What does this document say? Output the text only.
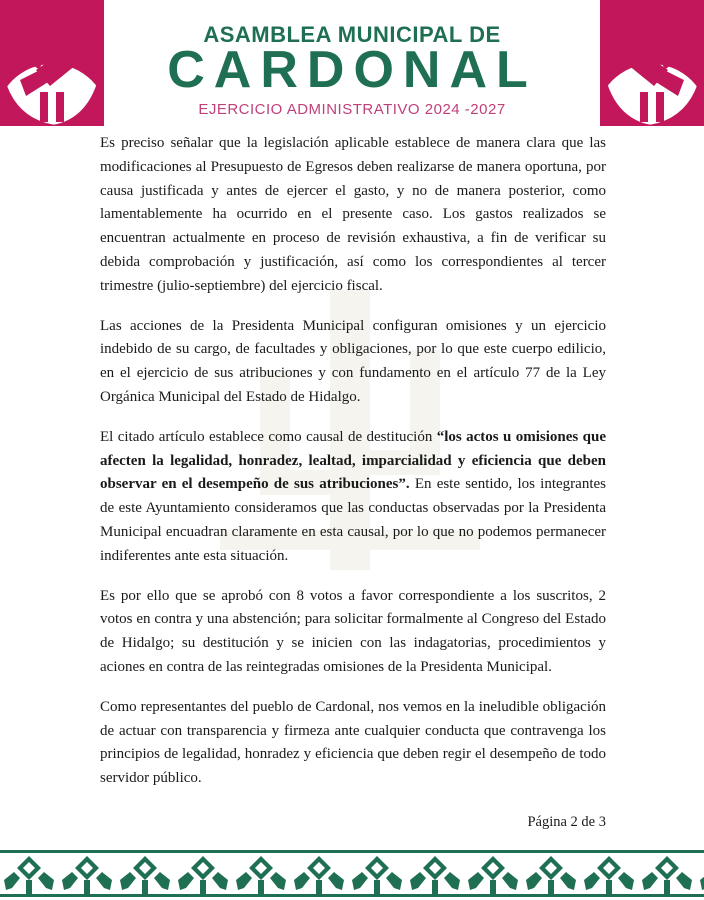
ASAMBLEA MUNICIPAL DE
CARDONAL
EJERCICIO ADMINISTRATIVO 2024 -2027

Es preciso señalar que la legislación aplicable establece de manera clara que las modificaciones al Presupuesto de Egresos deben realizarse de manera oportuna, por causa justificada y antes de ejercer el gasto, y no de manera posterior, como lamentablemente ha ocurrido en el presente caso. Los gastos realizados se encuentran actualmente en proceso de revisión exhaustiva, a fin de verificar su debida comprobación y justificación, así como los correspondientes al tercer trimestre (julio-septiembre) del ejercicio fiscal.

Las acciones de la Presidenta Municipal configuran omisiones y un ejercicio indebido de su cargo, de facultades y obligaciones, por lo que este cuerpo edilicio, en el ejercicio de sus atribuciones y con fundamento en el artículo 77 de la Ley Orgánica Municipal del Estado de Hidalgo.

El citado artículo establece como causal de destitución “los actos u omisiones que afecten la legalidad, honradez, lealtad, imparcialidad y eficiencia que deben observar en el desempeño de sus atribuciones”. En este sentido, los integrantes de este Ayuntamiento consideramos que las conductas observadas por la Presidenta Municipal encuadran claramente en esta causal, por lo que no podemos permanecer indiferentes ante esta situación.

Es por ello que se aprobó con 8 votos a favor correspondiente a los suscritos, 2 votos en contra y una abstención; para solicitar formalmente al Congreso del Estado de Hidalgo; su destitución y se inicien con las indagatorias, procedimientos y aciones en contra de las reintegradas omisiones de la Presidenta Municipal.

Como representantes del pueblo de Cardonal, nos vemos en la ineludible obligación de actuar con transparencia y firmeza ante cualquier conducta que contravenga los principios de legalidad, honradez y eficiencia que deben regir el desempeño de todo servidor público.

Página 2 de 3
